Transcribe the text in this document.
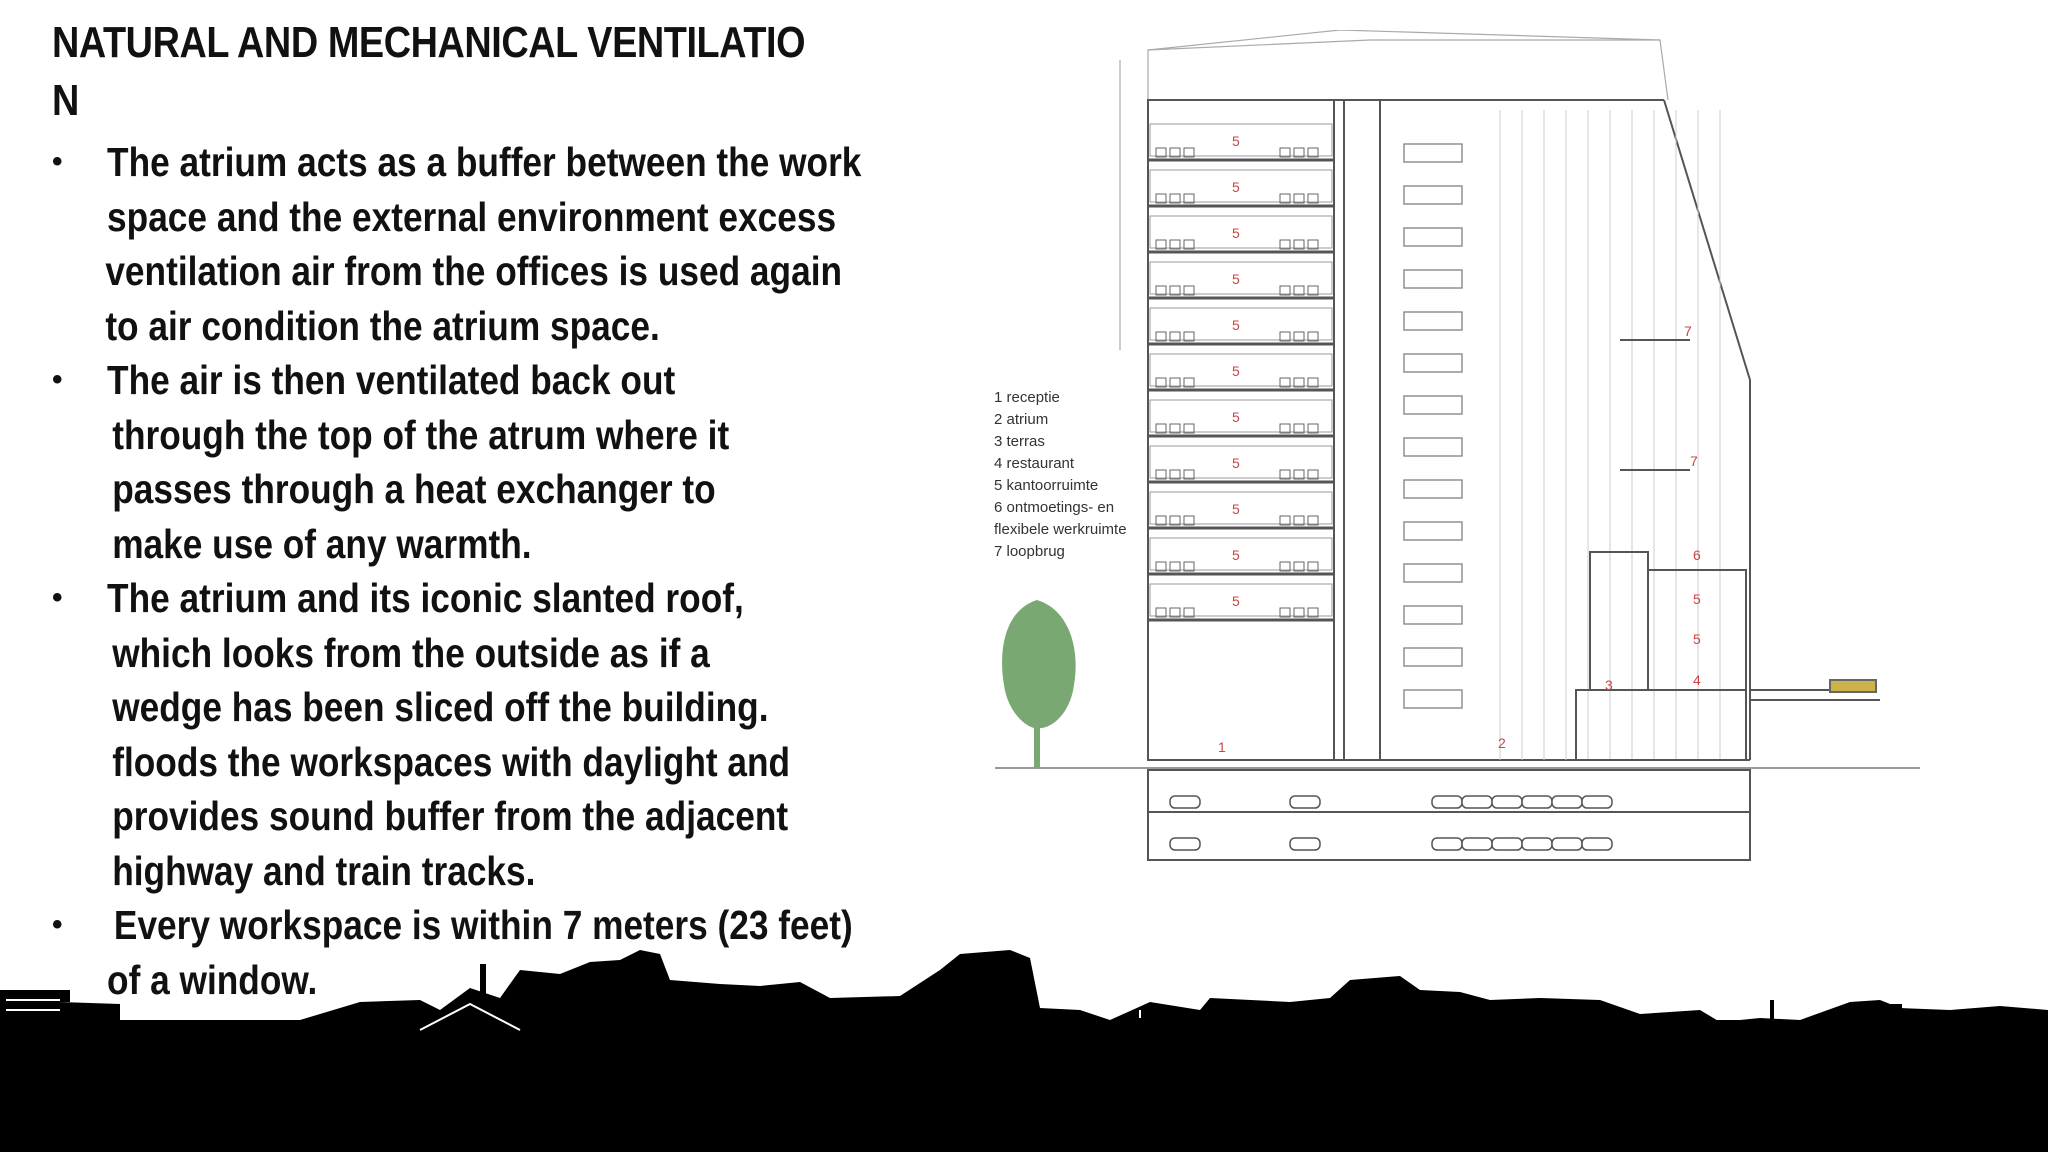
NATURAL AND MECHANICAL VENTILATIO
N
•	The atrium acts as a buffer between the work
space and the external environment excess
ventilation air from the offices is used again
to air condition the atrium space.
•	The air is then ventilated back out
through the top of the atrum where it
passes through a heat exchanger to
make use of any warmth.
•	The atrium and its iconic slanted roof,
which looks from the outside as if a
wedge has been sliced off the building.
floods the workspaces with daylight and
provides sound buffer from the adjacent
highway and train tracks.
•	Every workspace is within 7 meters (23 feet)
of a window.
5
5
5
5
5
5
5
5
5
5
5
1	2
3	4
6
7
7
5
5
1 receptie
2 atrium
3 terras
4 restaurant
5 kantoorruimte
6 ontmoetings- en
flexibele werkruimte
7 loopbrug
